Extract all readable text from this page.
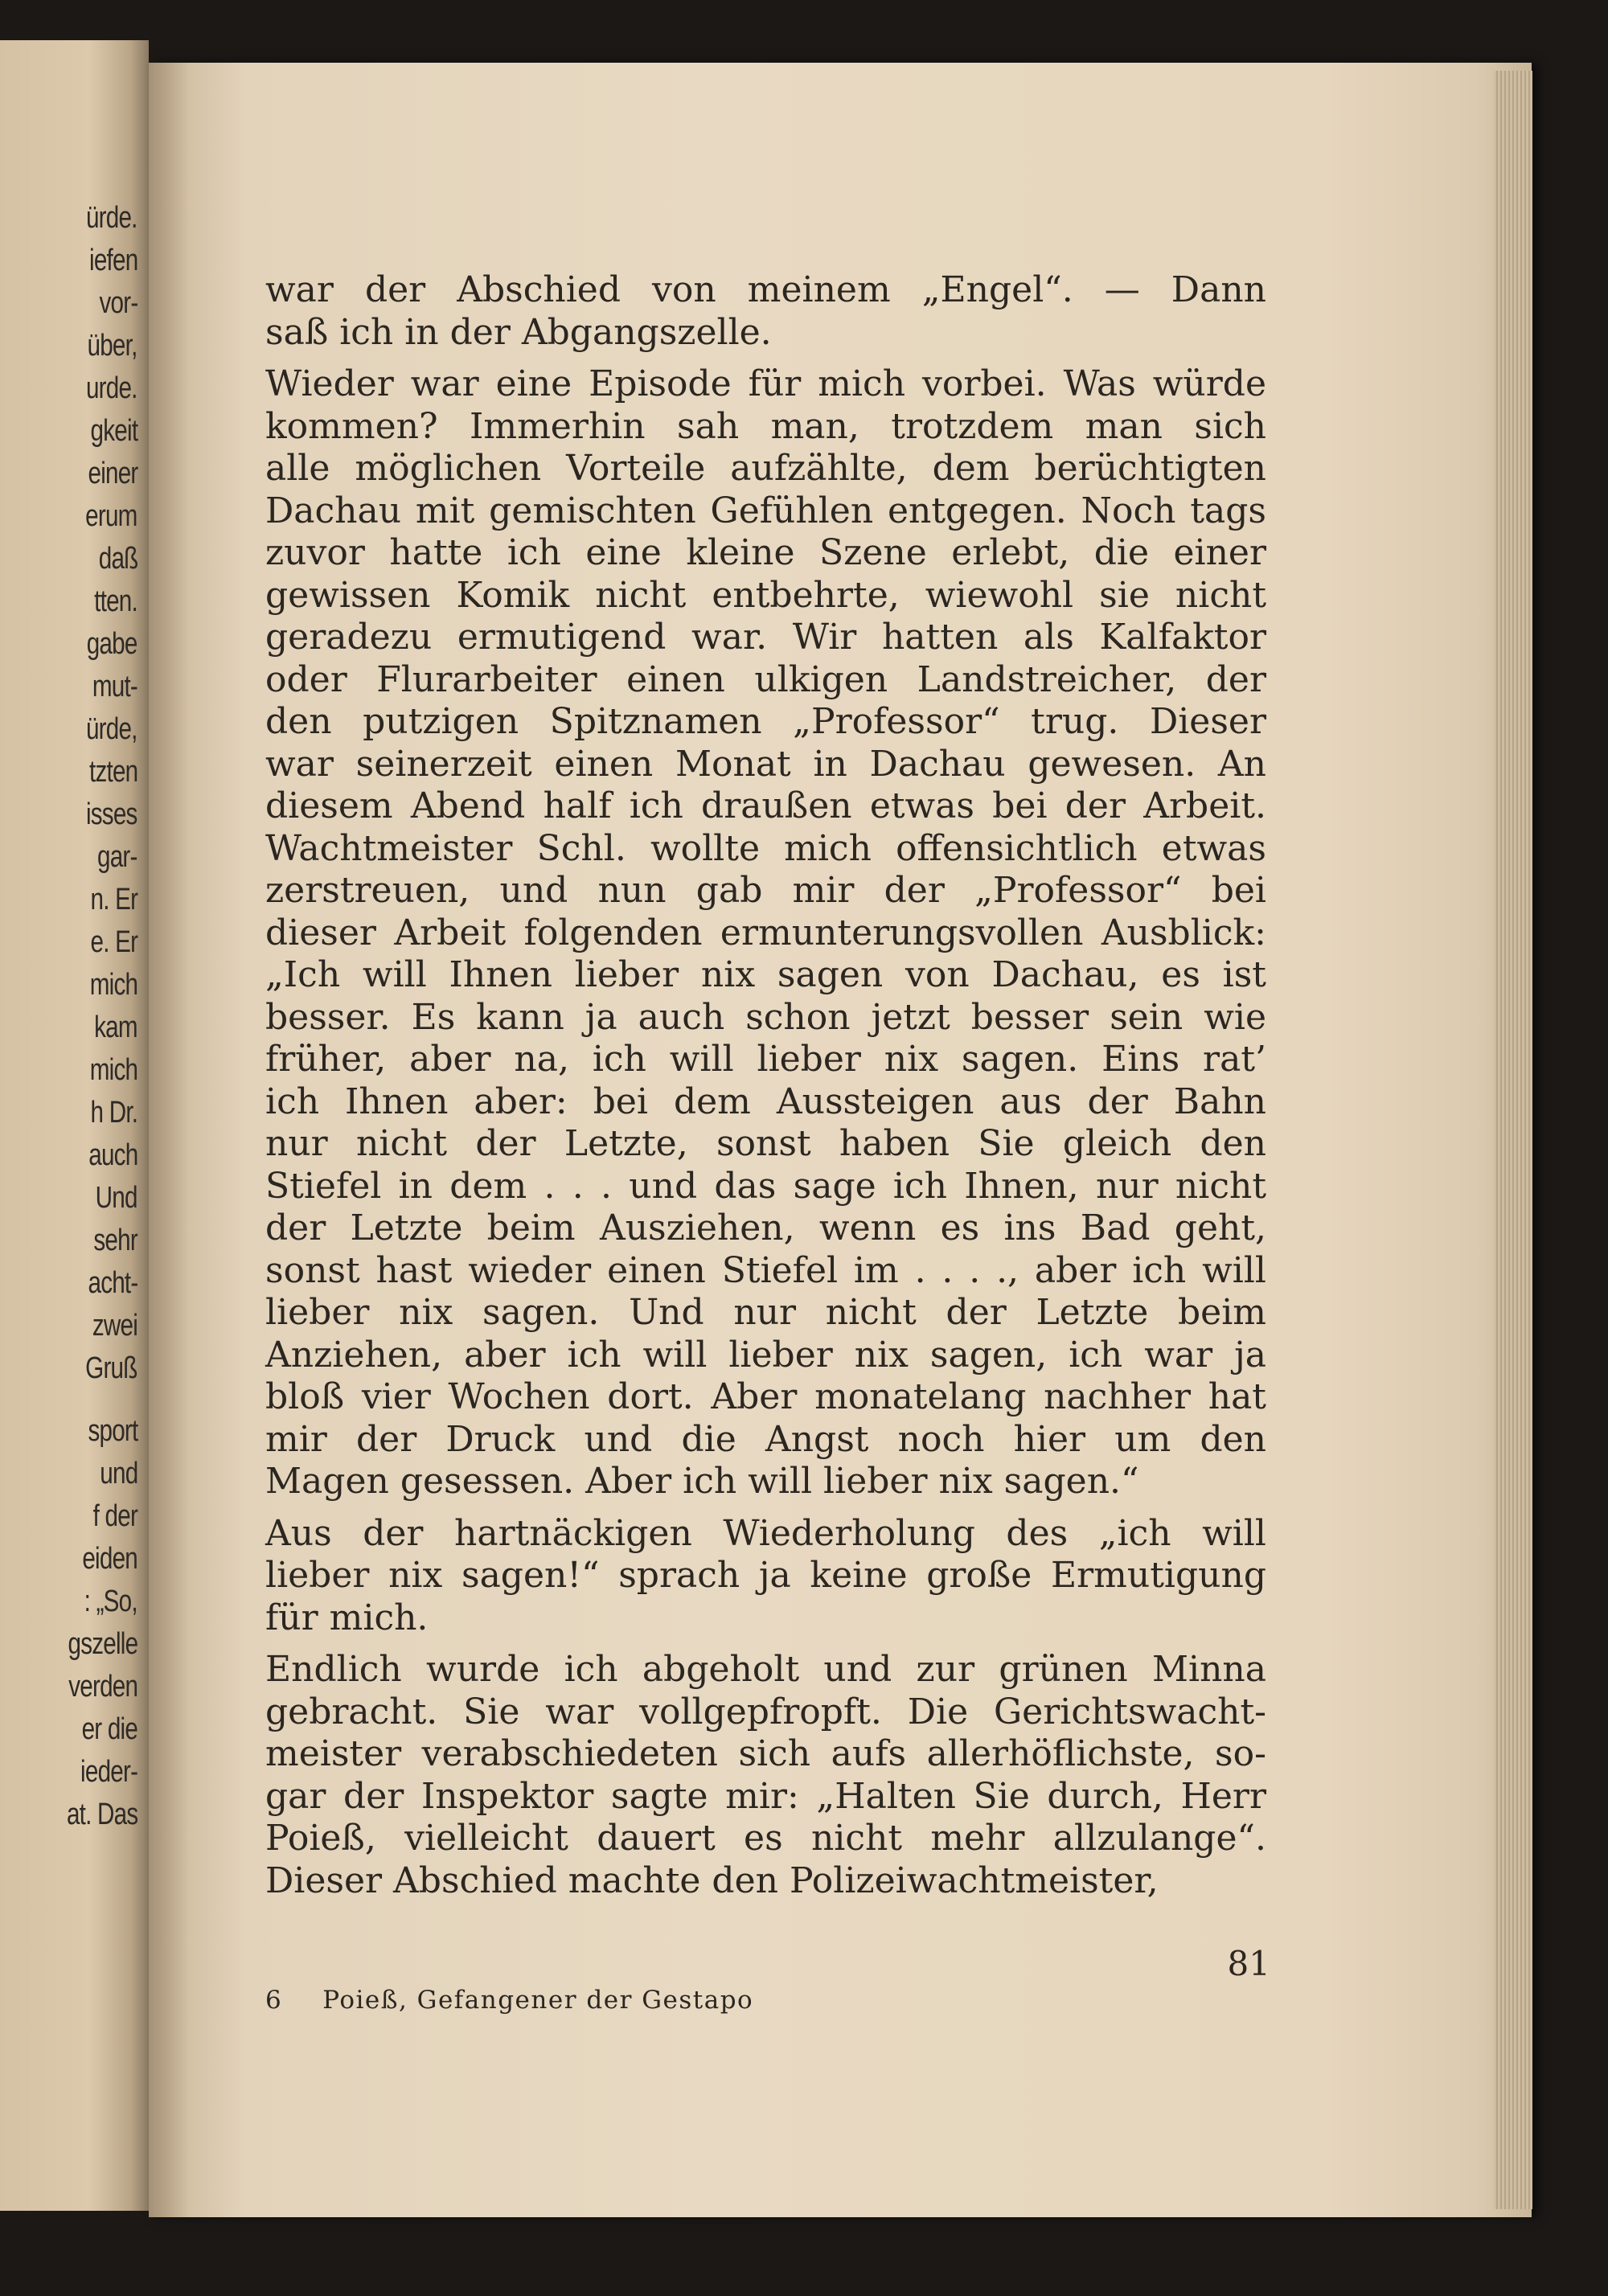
ürde.

iefen

vor-

über,

urde.

gkeit

einer

erum

daß

tten.

gabe

mut-

ürde,

tzten

isses

gar-

n. Er

e. Er

mich

kam

mich

h Dr.

auch

Und

sehr

acht-

zwei

Gruß

sport

und

f der

eiden

: „So,

gszelle

verden

er die

ieder-

at. Das

war der Abschied von meinem „Engel“. — Dann

saß ich in der Abgangszelle.

Wieder war eine Episode für mich vorbei. Was würde

kommen? Immerhin sah man, trotzdem man sich

alle möglichen Vorteile aufzählte, dem berüchtigten

Dachau mit gemischten Gefühlen entgegen. Noch tags

zuvor hatte ich eine kleine Szene erlebt, die einer

gewissen Komik nicht entbehrte, wiewohl sie nicht

geradezu ermutigend war. Wir hatten als Kalfaktor

oder Flurarbeiter einen ulkigen Landstreicher, der

den putzigen Spitznamen „Professor“ trug. Dieser

war seinerzeit einen Monat in Dachau gewesen. An

diesem Abend half ich draußen etwas bei der Arbeit.

Wachtmeister Schl. wollte mich offensichtlich etwas

zerstreuen, und nun gab mir der „Professor“ bei

dieser Arbeit folgenden ermunterungsvollen Ausblick:

„Ich will Ihnen lieber nix sagen von Dachau, es ist

besser. Es kann ja auch schon jetzt besser sein wie

früher, aber na, ich will lieber nix sagen. Eins rat’

ich Ihnen aber: bei dem Aussteigen aus der Bahn

nur nicht der Letzte, sonst haben Sie gleich den

Stiefel in dem . . . und das sage ich Ihnen, nur nicht

der Letzte beim Ausziehen, wenn es ins Bad geht,

sonst hast wieder einen Stiefel im . . . ., aber ich will

lieber nix sagen. Und nur nicht der Letzte beim

Anziehen, aber ich will lieber nix sagen, ich war ja

bloß vier Wochen dort. Aber monatelang nachher hat

mir der Druck und die Angst noch hier um den

Magen gesessen. Aber ich will lieber nix sagen.“

Aus der hartnäckigen Wiederholung des „ich will

lieber nix sagen!“ sprach ja keine große Ermutigung

für mich.

Endlich wurde ich abgeholt und zur grünen Minna

gebracht. Sie war vollgepfropft. Die Gerichtswacht-

meister verabschiedeten sich aufs allerhöflichste, so-

gar der Inspektor sagte mir: „Halten Sie durch, Herr

Poieß, vielleicht dauert es nicht mehr allzulange“.

Dieser Abschied machte den Polizeiwachtmeister,

81

6 Poieß, Gefangener der Gestapo
